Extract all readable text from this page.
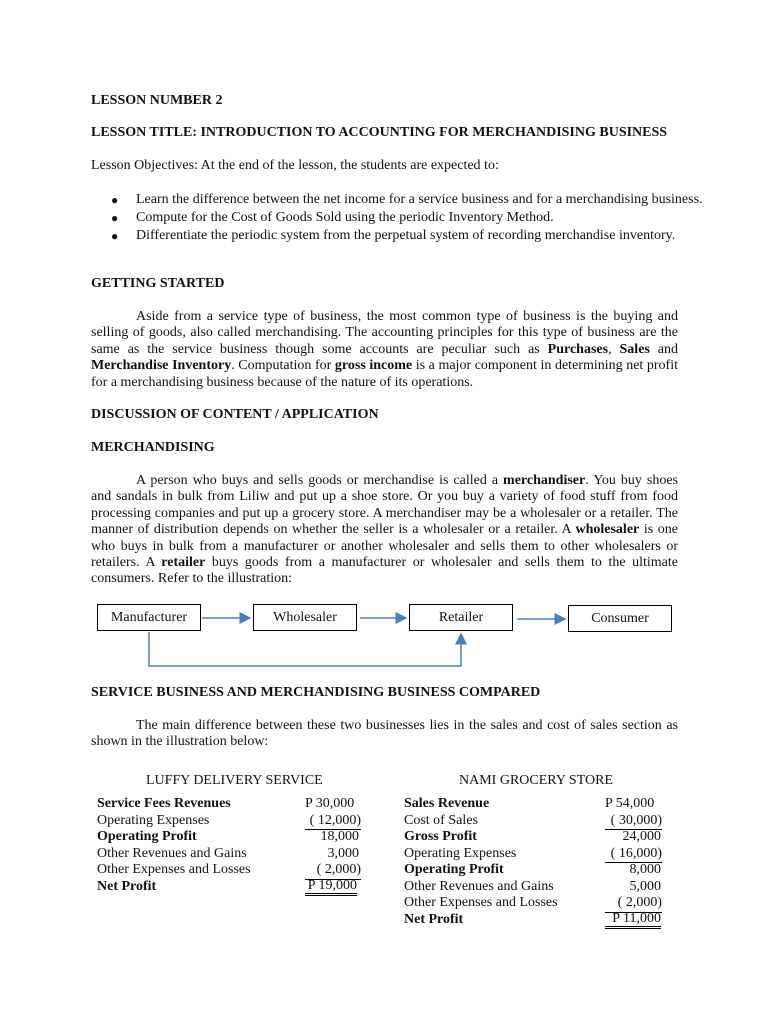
LESSON NUMBER 2
LESSON TITLE: INTRODUCTION TO ACCOUNTING FOR MERCHANDISING BUSINESS
Lesson Objectives: At the end of the lesson, the students are expected to:
● Learn the difference between the net income for a service business and for a merchandising business.
● Compute for the Cost of Goods Sold using the periodic Inventory Method.
● Differentiate the periodic system from the perpetual system of recording merchandise inventory.
GETTING STARTED
Aside from a service type of business, the most common type of business is the buying and selling of goods, also called merchandising. The accounting principles for this type of business are the same as the service business though some accounts are peculiar such as Purchases, Sales and Merchandise Inventory. Computation for gross income is a major component in determining net profit for a merchandising business because of the nature of its operations.
DISCUSSION OF CONTENT / APPLICATION
MERCHANDISING
A person who buys and sells goods or merchandise is called a merchandiser. You buy shoes and sandals in bulk from Liliw and put up a shoe store. Or you buy a variety of food stuff from food processing companies and put up a grocery store. A merchandiser may be a wholesaler or a retailer. The manner of distribution depends on whether the seller is a wholesaler or a retailer. A wholesaler is one who buys in bulk from a manufacturer or another wholesaler and sells them to other wholesalers or retailers. A retailer buys goods from a manufacturer or wholesaler and sells them to the ultimate consumers. Refer to the illustration:
Manufacturer	Wholesaler	Retailer	Consumer
SERVICE BUSINESS AND MERCHANDISING BUSINESS COMPARED
The main difference between these two businesses lies in the sales and cost of sales section as shown in the illustration below:
LUFFY DELIVERY SERVICE
Service Fees Revenues	P 30,000
Operating Expenses	( 12,000)
Operating Profit	18,000
Other Revenues and Gains	3,000
Other Expenses and Losses	( 2,000)
Net Profit	P 19,000
NAMI GROCERY STORE
Sales Revenue	P 54,000
Cost of Sales	( 30,000)
Gross Profit	24,000
Operating Expenses	( 16,000)
Operating Profit	8,000
Other Revenues and Gains	5,000
Other Expenses and Losses	( 2,000)
Net Profit	P 11,000
